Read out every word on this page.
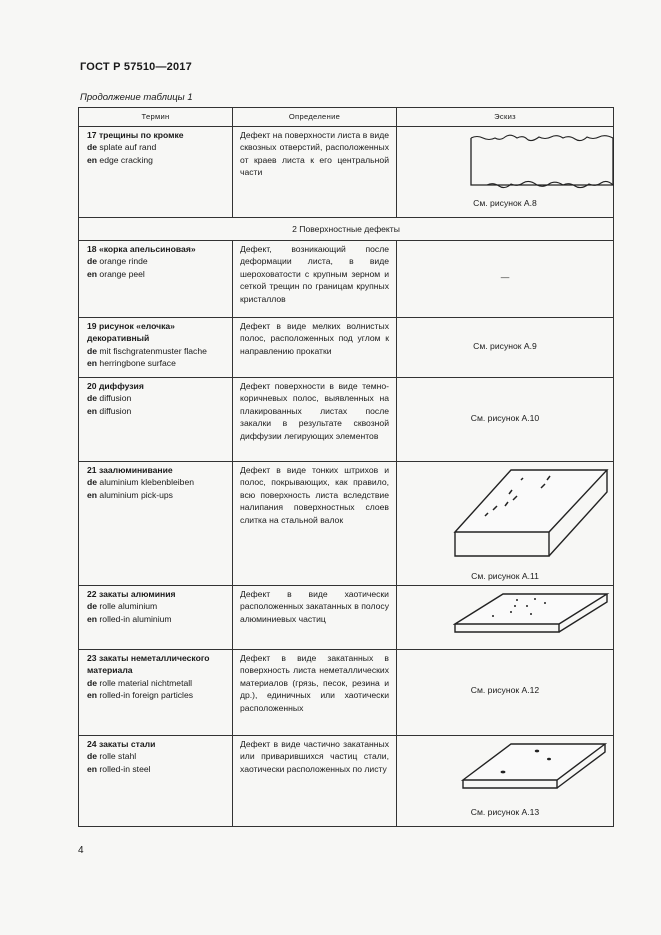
ГОСТ Р 57510—2017
Продолжение таблицы 1
Термин	Определение	Эскиз

17 трещины по кромке
de splate auf rand
en edge cracking	Дефект на поверхности листа в виде сквозных отверстий, расположенных от краев листа к его центральной части	См. рисунок А.8

2 Поверхностные дефекты		

18 «корка апельсиновая»
de orange rinde
en orange peel	Дефект, возникающий после деформации листа, в виде шероховатости с крупным зерном и сеткой трещин по границам крупных кристаллов	—

19 рисунок «елочка» декоративный
de mit fischgratenmuster flache
en herringbone surface	Дефект в виде мелких волнистых полос, расположенных под углом к направлению прокатки	См. рисунок А.9

20 диффузия
de diffusion
en diffusion	Дефект поверхности в виде темно-коричневых полос, выявленных на плакированных листах после закалки в результате сквозной диффузии легирующих элементов	См. рисунок А.10

21 заалюминивание
de aluminium klebenbleiben
en aluminium pick-ups	Дефект в виде тонких штрихов и полос, покрывающих, как правило, всю поверхность листа вследствие налипания поверхностных слоев слитка на стальной валок	См. рисунок А.11

22 закаты алюминия
de rolle aluminium
en rolled-in aluminium	Дефект в виде хаотически расположенных закатанных в полосу алюминиевых частиц	

23 закаты неметаллического материала
de rolle material nichtmetall
en rolled-in foreign particles	Дефект в виде закатанных в поверхность листа неметаллических материалов (грязь, песок, резина и др.), единичных или хаотически расположенных	См. рисунок А.12

24 закаты стали
de rolle stahl
en rolled-in steel	Дефект в виде частично закатанных или приварившихся частиц стали, хаотически расположенных по листу	См. рисунок А.13
4
